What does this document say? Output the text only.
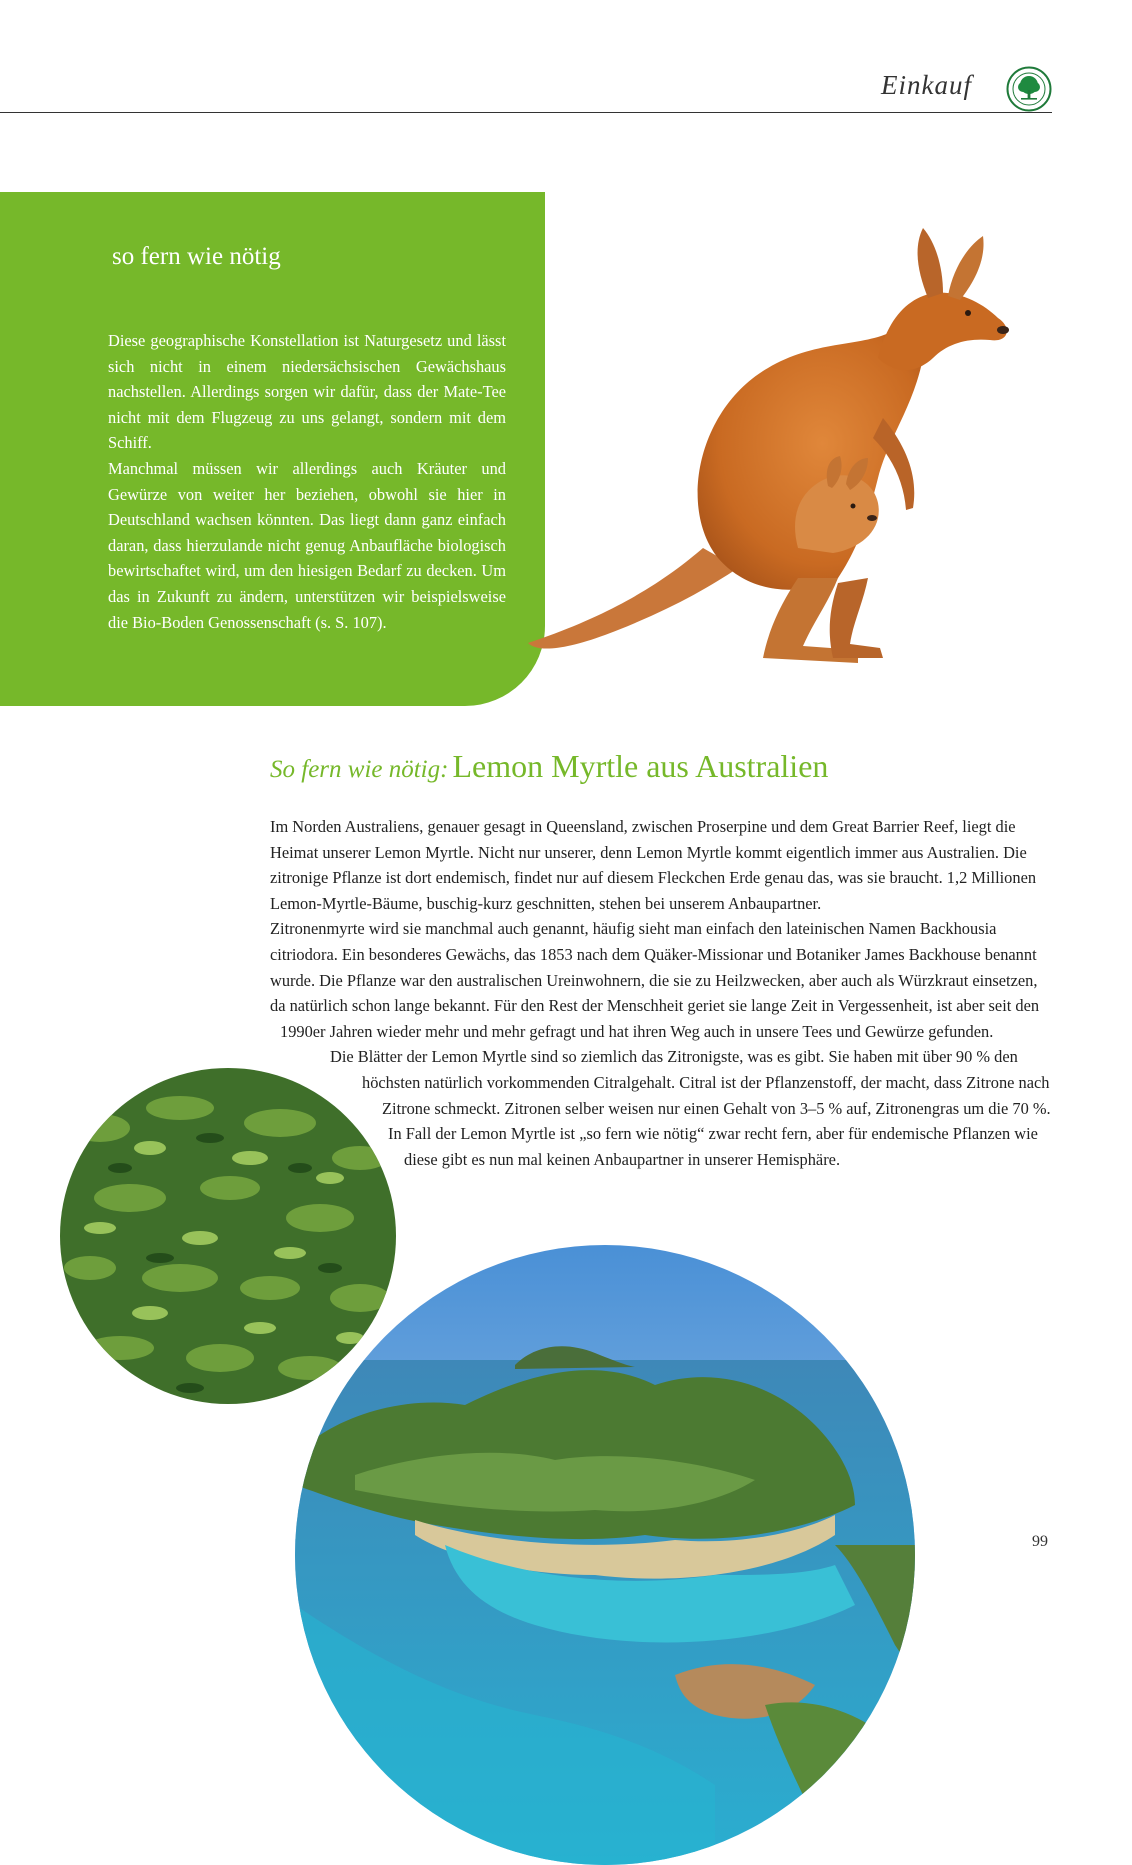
Einkauf
so fern wie nötig

Diese geographische Konstellation ist Naturgesetz und lässt sich nicht in einem niedersächsischen Gewächshaus nachstellen. Allerdings sorgen wir dafür, dass der Mate-Tee nicht mit dem Flugzeug zu uns gelangt, sondern mit dem Schiff.

Manchmal müssen wir allerdings auch Kräuter und Gewürze von weiter her beziehen, obwohl sie hier in Deutschland wachsen könnten. Das liegt dann ganz einfach daran, dass hierzulande nicht genug Anbaufläche biologisch bewirtschaftet wird, um den hiesigen Bedarf zu decken. Um das in Zukunft zu ändern, unterstützen wir beispielsweise die Bio-Boden Genossenschaft (s. S. 107).

So fern wie nötig: Lemon Myrtle aus Australien

Im Norden Australiens, genauer gesagt in Queensland, zwischen Proserpine und dem Great Barrier Reef, liegt die Heimat unserer Lemon Myrtle. Nicht nur unserer, denn Lemon Myrtle kommt eigentlich immer aus Australien. Die zitronige Pflanze ist dort endemisch, findet nur auf diesem Fleckchen Erde genau das, was sie braucht. 1,2 Millionen Lemon-Myrtle-Bäume, buschig-kurz geschnitten, stehen bei unserem Anbaupartner.

Zitronenmyrte wird sie manchmal auch genannt, häufig sieht man einfach den lateinischen Namen Backhousia citriodora. Ein besonderes Gewächs, das 1853 nach dem Quäker-Missionar und Botaniker James Backhouse benannt wurde. Die Pflanze war den australischen Ureinwohnern, die sie zu Heilzwecken, aber auch als Würzkraut einsetzen, da natürlich schon lange bekannt. Für den Rest der Menschheit geriet sie lange Zeit in Vergessenheit, ist aber seit den 1990er Jahren wieder mehr und mehr gefragt und hat ihren Weg auch in unsere Tees und Gewürze gefunden.

Die Blätter der Lemon Myrtle sind so ziemlich das Zitronigste, was es gibt. Sie haben mit über 90 % den höchsten natürlich vorkommenden Citralgehalt. Citral ist der Pflanzenstoff, der macht, dass Zitrone nach Zitrone schmeckt. Zitronen selber weisen nur einen Gehalt von 3–5 % auf, Zitronengras um die 70 %.

In Fall der Lemon Myrtle ist „so fern wie nötig“ zwar recht fern, aber für endemische Pflanzen wie diese gibt es nun mal keinen Anbaupartner in unserer Hemisphäre.

99
